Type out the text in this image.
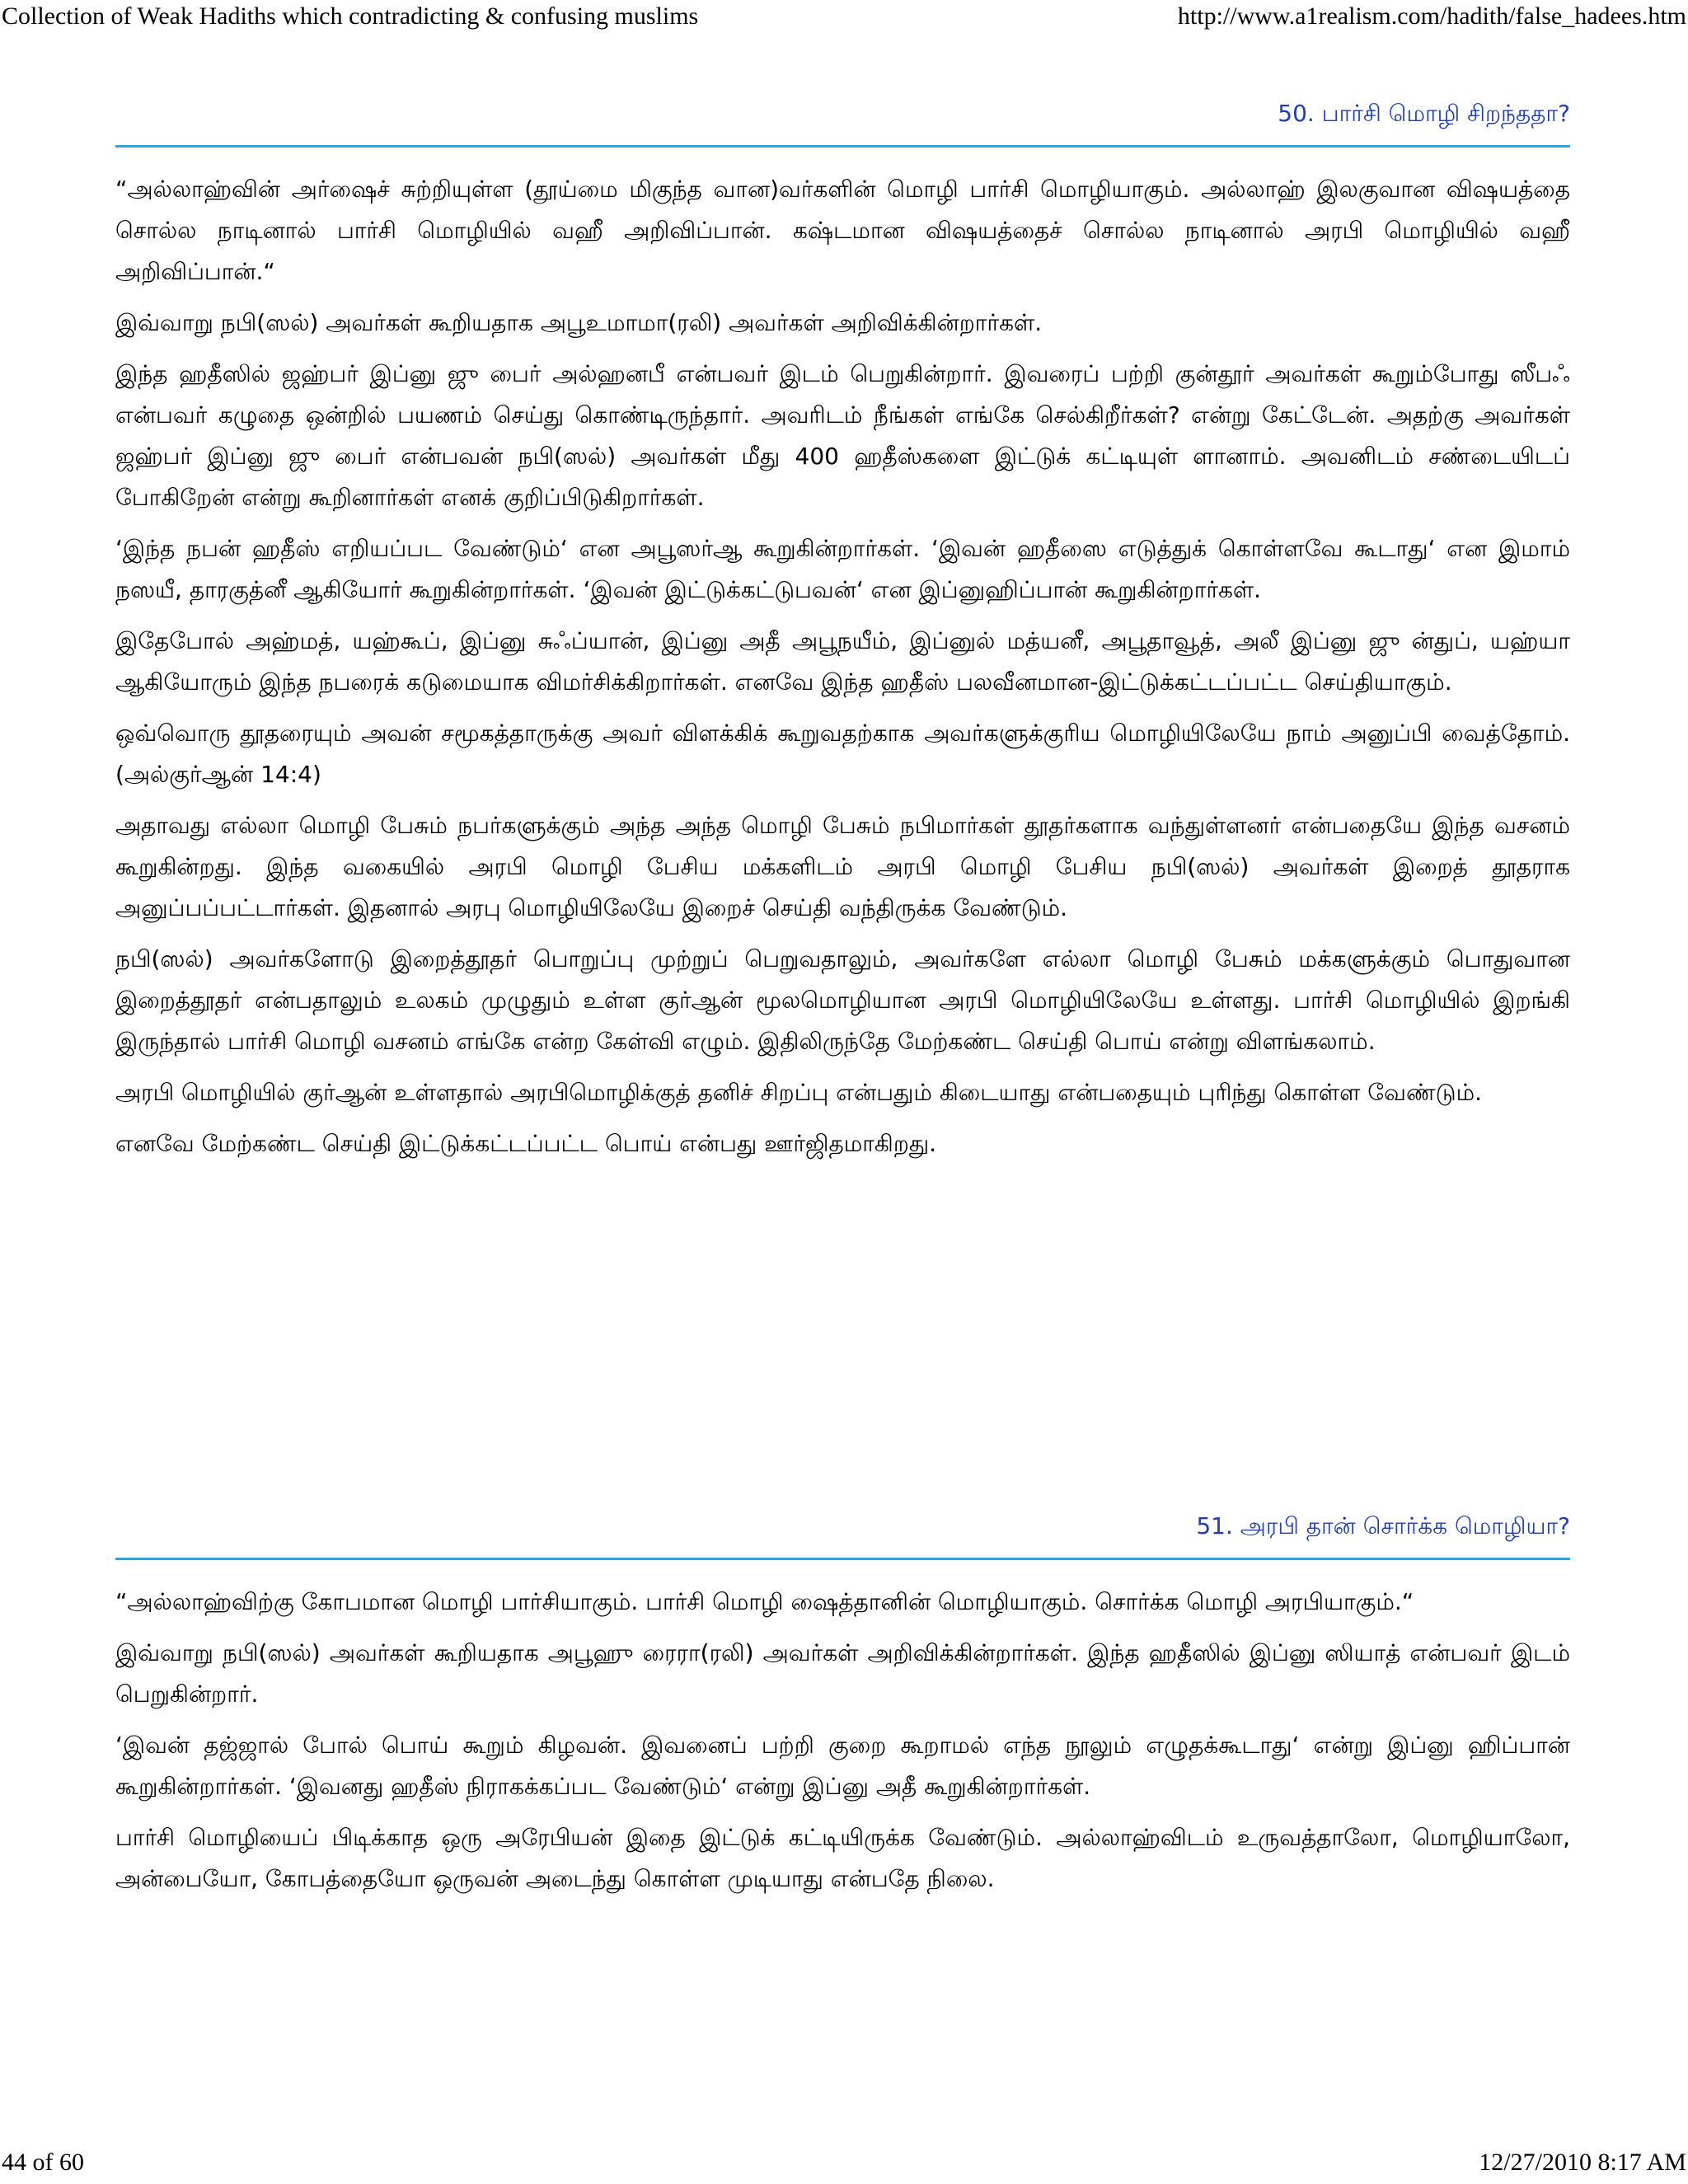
Collection of Weak Hadiths which contradicting & confusing muslims	http://www.a1realism.com/hadith/false_hadees.htm

50. பார்சி மொழி சிறந்ததா?

“அல்லாஹ்வின் அர்ஷைச் சுற்றியுள்ள (தூய்மை மிகுந்த வான)வர்களின் மொழி பார்சி மொழியாகும். அல்லாஹ் இலகுவான விஷயத்தை சொல்ல நாடினால் பார்சி மொழியில் வஹீ அறிவிப்பான். கஷ்டமான விஷயத்தைச் சொல்ல நாடினால் அரபி மொழியில் வஹீ அறிவிப்பான்.“

இவ்வாறு நபி(ஸல்) அவர்கள் கூறியதாக அபூஉமாமா(ரலி) அவர்கள் அறிவிக்கின்றார்கள்.

இந்த ஹதீஸில் ஜஹ்பர் இப்னு ஜு பைர் அல்ஹனபீ என்பவர் இடம் பெறுகின்றார். இவரைப் பற்றி குன்தூர் அவர்கள் கூறும்போது ஸீபஃ என்பவர் கழுதை ஒன்றில் பயணம் செய்து கொண்டிருந்தார். அவரிடம் நீங்கள் எங்கே செல்கிறீர்கள்? என்று கேட்டேன். அதற்கு அவர்கள் ஜஹ்பர் இப்னு ஜு பைர் என்பவன் நபி(ஸல்) அவர்கள் மீது 400 ஹதீஸ்களை இட்டுக் கட்டியுள் ளானாம். அவனிடம் சண்டையிடப் போகிறேன் என்று கூறினார்கள் எனக் குறிப்பிடுகிறார்கள்.

‘இந்த நபன் ஹதீஸ் எறியப்பட வேண்டும்‘ என அபூஸர்ஆ கூறுகின்றார்கள். ‘இவன் ஹதீஸை எடுத்துக் கொள்ளவே கூடாது‘ என இமாம் நஸயீ, தாரகுத்னீ ஆகியோர் கூறுகின்றார்கள். ‘இவன் இட்டுக்கட்டுபவன்‘ என இப்னுஹிப்பான் கூறுகின்றார்கள்.

இதேபோல் அஹ்மத், யஹ்கூப், இப்னு சுஃப்யான், இப்னு அதீ அபூநயீம், இப்னுல் மத்யனீ, அபூதாவூத், அலீ இப்னு ஜு ன்துப், யஹ்யா ஆகியோரும் இந்த நபரைக் கடுமையாக விமர்சிக்கிறார்கள். எனவே இந்த ஹதீஸ் பலவீனமான-இட்டுக்கட்டப்பட்ட செய்தியாகும்.

ஒவ்வொரு தூதரையும் அவன் சமூகத்தாருக்கு அவர் விளக்கிக் கூறுவதற்காக அவர்களுக்குரிய மொழியிலேயே நாம் அனுப்பி வைத்தோம். (அல்குர்ஆன் 14:4)

அதாவது எல்லா மொழி பேசும் நபர்களுக்கும் அந்த அந்த மொழி பேசும் நபிமார்கள் தூதர்களாக வந்துள்ளனர் என்பதையே இந்த வசனம் கூறுகின்றது. இந்த வகையில் அரபி மொழி பேசிய மக்களிடம் அரபி மொழி பேசிய நபி(ஸல்) அவர்கள் இறைத் தூதராக அனுப்பப்பட்டார்கள். இதனால் அரபு மொழியிலேயே இறைச் செய்தி வந்திருக்க வேண்டும்.

நபி(ஸல்) அவர்களோடு இறைத்தூதர் பொறுப்பு முற்றுப் பெறுவதாலும், அவர்களே எல்லா மொழி பேசும் மக்களுக்கும் பொதுவான இறைத்தூதர் என்பதாலும் உலகம் முழுதும் உள்ள குர்ஆன் மூலமொழியான அரபி மொழியிலேயே உள்ளது. பார்சி மொழியில் இறங்கி இருந்தால் பார்சி மொழி வசனம் எங்கே என்ற கேள்வி எழும். இதிலிருந்தே மேற்கண்ட செய்தி பொய் என்று விளங்கலாம்.

அரபி மொழியில் குர்ஆன் உள்ளதால் அரபிமொழிக்குத் தனிச் சிறப்பு என்பதும் கிடையாது என்பதையும் புரிந்து கொள்ள வேண்டும்.

எனவே மேற்கண்ட செய்தி இட்டுக்கட்டப்பட்ட பொய் என்பது ஊர்ஜிதமாகிறது.

51. அரபி தான் சொர்க்க மொழியா?

“அல்லாஹ்விற்கு கோபமான மொழி பார்சியாகும். பார்சி மொழி ஷைத்தானின் மொழியாகும். சொர்க்க மொழி அரபியாகும்.“

இவ்வாறு நபி(ஸல்) அவர்கள் கூறியதாக அபூஹு ரைரா(ரலி) அவர்கள் அறிவிக்கின்றார்கள். இந்த ஹதீஸில் இப்னு ஸியாத் என்பவர் இடம் பெறுகின்றார்.

‘இவன் தஜ்ஜால் போல் பொய் கூறும் கிழவன். இவனைப் பற்றி குறை கூறாமல் எந்த நூலும் எழுதக்கூடாது‘ என்று இப்னு ஹிப்பான் கூறுகின்றார்கள். ‘இவனது ஹதீஸ் நிராகக்கப்பட வேண்டும்‘ என்று இப்னு அதீ கூறுகின்றார்கள்.

பார்சி மொழியைப் பிடிக்காத ஒரு அரேபியன் இதை இட்டுக் கட்டியிருக்க வேண்டும். அல்லாஹ்விடம் உருவத்தாலோ, மொழியாலோ, அன்பையோ, கோபத்தையோ ஒருவன் அடைந்து கொள்ள முடியாது என்பதே நிலை.

44 of 60	12/27/2010 8:17 AM
